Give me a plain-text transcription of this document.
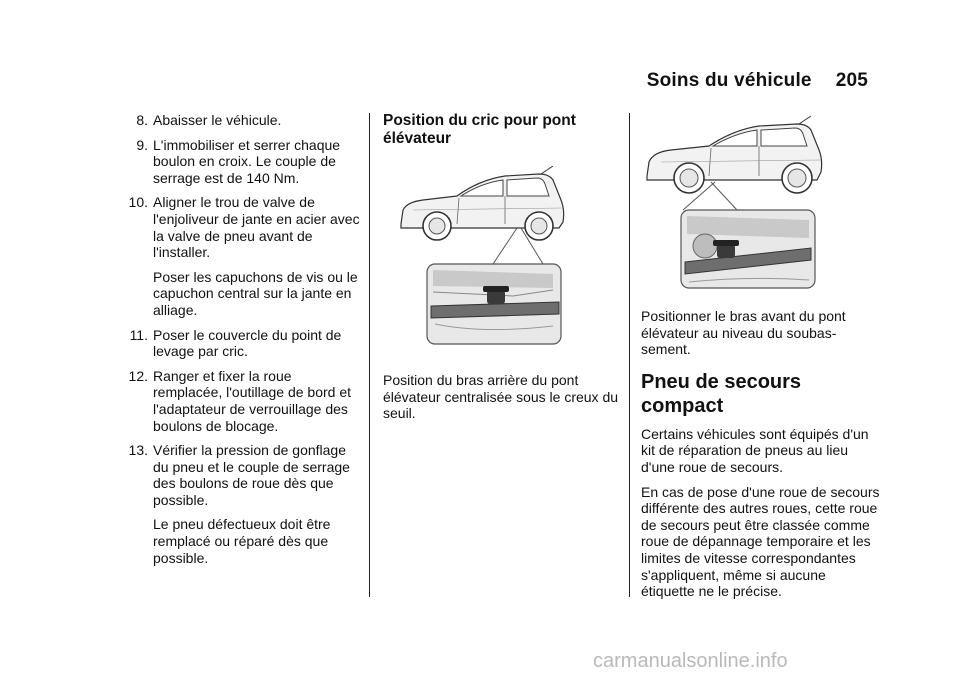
Soins du véhicule 205
8. Abaisser le véhicule.
9. L'immobiliser et serrer chaque boulon en croix. Le couple de serrage est de 140 Nm.
10. Aligner le trou de valve de l'enjoliveur de jante en acier avec la valve de pneu avant de l'installer.
Poser les capuchons de vis ou le capuchon central sur la jante en alliage.
11. Poser le couvercle du point de levage par cric.
12. Ranger et fixer la roue remplacée, l'outillage de bord et l'adaptateur de verrouillage des boulons de blocage.
13. Vérifier la pression de gonflage du pneu et le couple de serrage des boulons de roue dès que possible.
Le pneu défectueux doit être remplacé ou réparé dès que possible.
Position du cric pour pont élévateur

Position du bras arrière du pont élévateur centralisée sous le creux du seuil.

Positionner le bras avant du pont élévateur au niveau du soubassement.

Pneu de secours compact

Certains véhicules sont équipés d'un kit de réparation de pneus au lieu d'une roue de secours.

En cas de pose d'une roue de secours différente des autres roues, cette roue de secours peut être classée comme roue de dépannage temporaire et les limites de vitesse correspondantes s'appliquent, même si aucune étiquette ne le précise.

carmanualsonline.info
